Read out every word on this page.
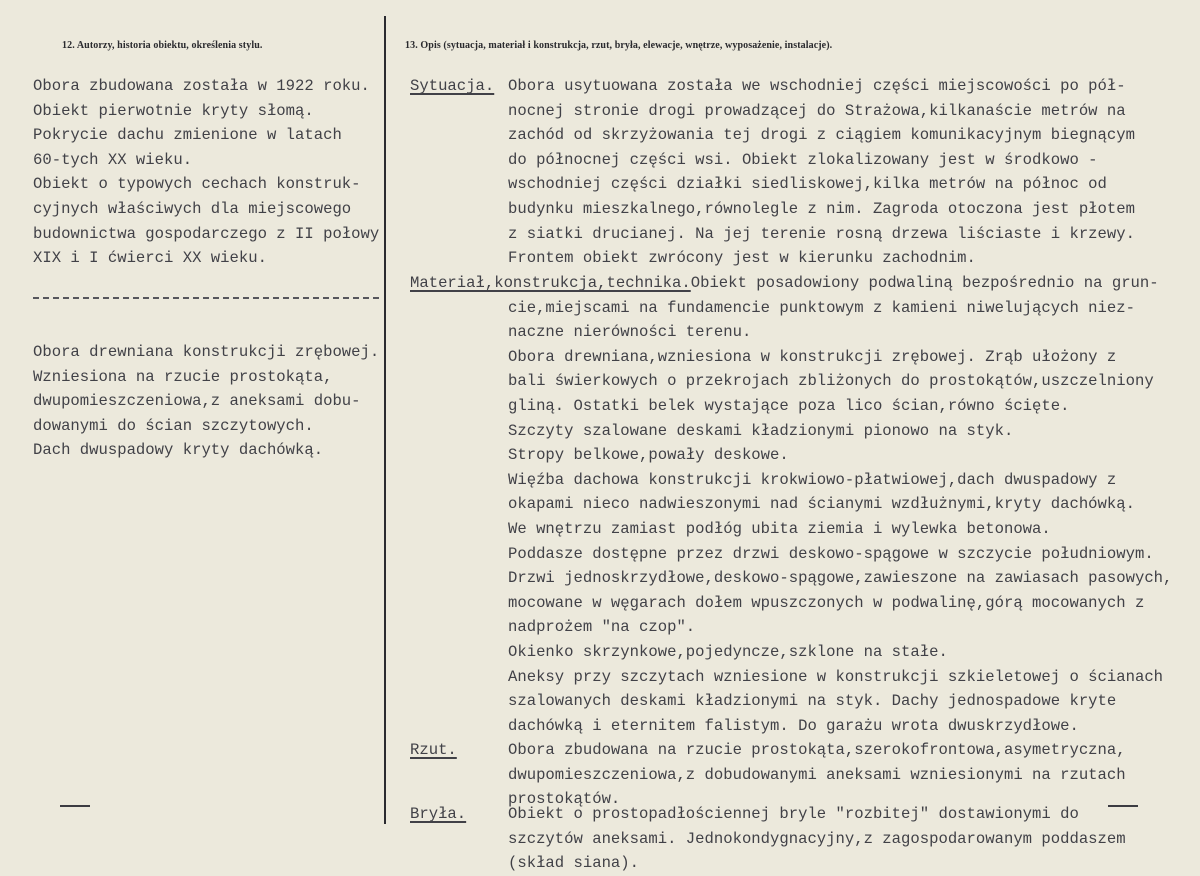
12. Autorzy, historia obiektu, określenia stylu.	13. Opis (sytuacja, materiał i konstrukcja, rzut, bryła, elewacje, wnętrze, wyposażenie, instalacje).
Obora zbudowana została w 1922 roku.
Obiekt pierwotnie kryty słomą.
Pokrycie dachu zmienione w latach
60-tych XX wieku.
Obiekt o typowych cechach konstruk-
cyjnych właściwych dla miejscowego
budownictwa gospodarczego z II połowy
XIX i I ćwierci XX wieku.
Obora drewniana konstrukcji zrębowej.
Wzniesiona na rzucie prostokąta,
dwupomieszczeniowa,z aneksami dobu-
dowanymi do ścian szczytowych.
Dach dwuspadowy kryty dachówką.
Sytuacja. Obora usytuowana została we wschodniej części miejscowości po pół-
nocnej stronie drogi prowadzącej do Strażowa,kilkanaście metrów na
zachód od skrzyżowania tej drogi z ciągiem komunikacyjnym biegnącym
do północnej części wsi. Obiekt zlokalizowany jest w środkowo -
wschodniej części działki siedliskowej,kilka metrów na północ od
budynku mieszkalnego,równolegle z nim. Zagroda otoczona jest płotem
z siatki drucianej. Na jej terenie rosną drzewa liściaste i krzewy.
Frontem obiekt zwrócony jest w kierunku zachodnim.
Materiał,konstrukcja,technika.Obiekt posadowiony podwaliną bezpośrednio na grun-
cie,miejscami na fundamencie punktowym z kamieni niwelujących niez-
naczne nierówności terenu.
Obora drewniana,wzniesiona w konstrukcji zrębowej. Zrąb ułożony z
bali świerkowych o przekrojach zbliżonych do prostokątów,uszczelniony
gliną. Ostatki belek wystające poza lico ścian,równo ścięte.
Szczyty szalowane deskami kładzionymi pionowo na styk.
Stropy belkowe,powały deskowe.
Więźba dachowa konstrukcji krokwiowo-płatwiowej,dach dwuspadowy z
okapami nieco nadwieszonymi nad ścianymi wzdłużnymi,kryty dachówką.
We wnętrzu zamiast podłóg ubita ziemia i wylewka betonowa.
Poddasze dostępne przez drzwi deskowo-spągowe w szczycie południowym.
Drzwi jednoskrzydłowe,deskowo-spągowe,zawieszone na zawiasach pasowych,
mocowane w węgarach dołem wpuszczonych w podwalinę,górą mocowanych z
nadprożem "na czop".
Okienko skrzynkowe,pojedyncze,szklone na stałe.
Aneksy przy szczytach wzniesione w konstrukcji szkieletowej o ścianach
szalowanych deskami kładzionymi na styk. Dachy jednospadowe kryte
dachówką i eternitem falistym. Do garażu wrota dwuskrzydłowe.
Rzut.	Obora zbudowana na rzucie prostokąta,szerokofrontowa,asymetryczna,
dwupomieszczeniowa,z dobudowanymi aneksami wzniesionymi na rzutach
prostokątów.
Bryła.	Obiekt o prostopadłościennej bryle "rozbitej" dostawionymi do
szczytów aneksami. Jednokondygnacyjny,z zagospodarowanym poddaszem
(skład siana).
